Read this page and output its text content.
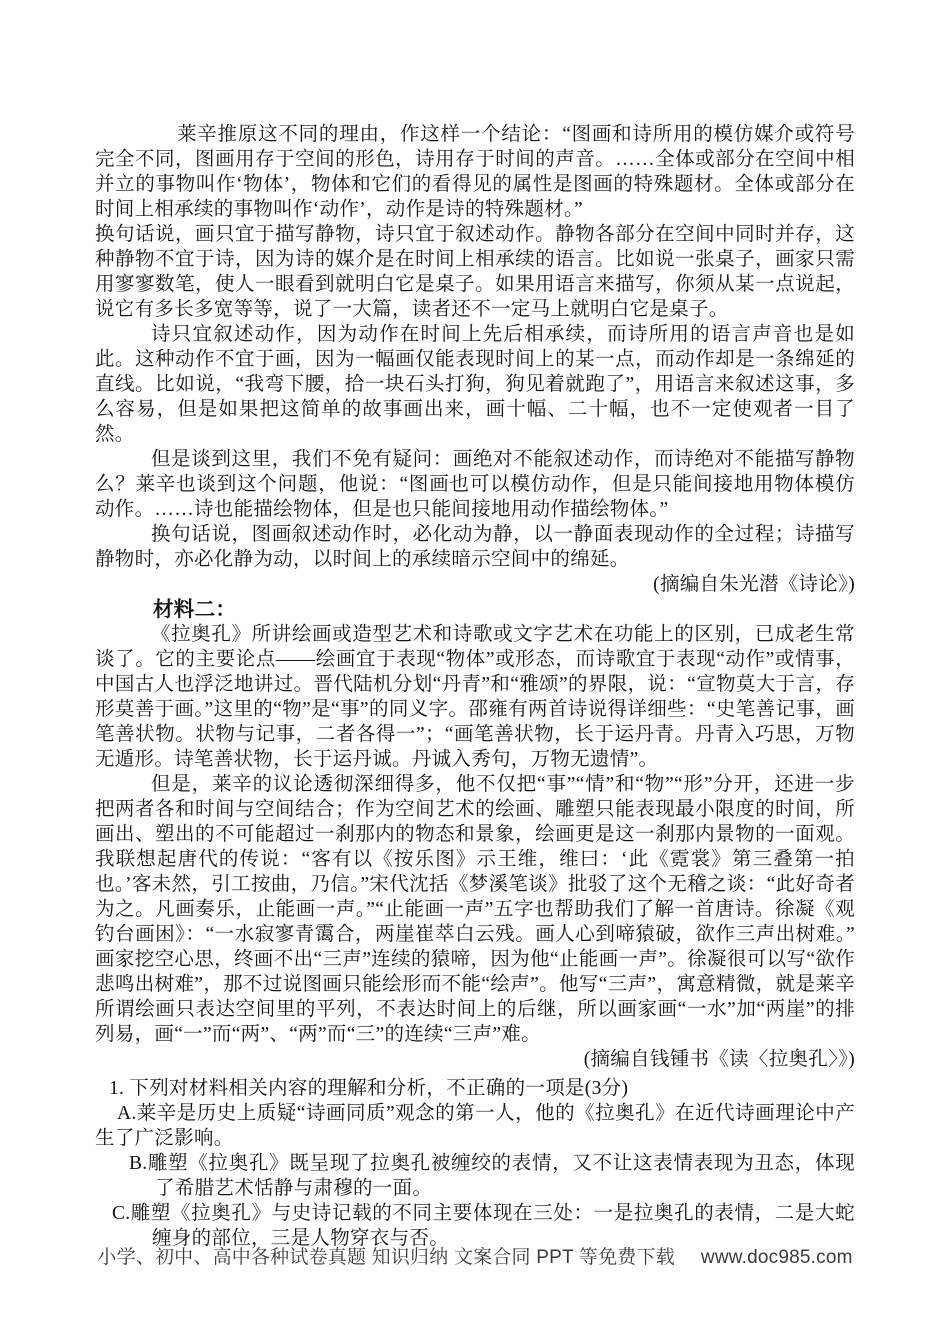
莱辛推原这不同的理由，作这样一个结论：“图画和诗所用的模仿媒介或符号完全不同，图画用存于空间的形色，诗用存于时间的声音。……全体或部分在空间中相并立的事物叫作‘物体’，物体和它们的看得见的属性是图画的特殊题材。全体或部分在时间上相承续的事物叫作‘动作’，动作是诗的特殊题材。”

换句话说，画只宜于描写静物，诗只宜于叙述动作。静物各部分在空间中同时并存，这种静物不宜于诗，因为诗的媒介是在时间上相承续的语言。比如说一张桌子，画家只需用寥寥数笔，使人一眼看到就明白它是桌子。如果用语言来描写，你须从某一点说起，说它有多长多宽等等，说了一大篇，读者还不一定马上就明白它是桌子。

诗只宜叙述动作，因为动作在时间上先后相承续，而诗所用的语言声音也是如此。这种动作不宜于画，因为一幅画仅能表现时间上的某一点，而动作却是一条绵延的直线。比如说，“我弯下腰，拾一块石头打狗，狗见着就跑了”，用语言来叙述这事，多么容易，但是如果把这简单的故事画出来，画十幅、二十幅，也不一定使观者一目了然。

但是谈到这里，我们不免有疑问：画绝对不能叙述动作，而诗绝对不能描写静物么？莱辛也谈到这个问题，他说：“图画也可以模仿动作，但是只能间接地用物体模仿动作。……诗也能描绘物体，但是也只能间接地用动作描绘物体。”

换句话说，图画叙述动作时，必化动为静，以一静面表现动作的全过程；诗描写静物时，亦必化静为动，以时间上的承续暗示空间中的绵延。

(摘编自朱光潜《诗论》)

材料二：

《拉奥孔》所讲绘画或造型艺术和诗歌或文字艺术在功能上的区别，已成老生常谈了。它的主要论点——绘画宜于表现“物体”或形态，而诗歌宜于表现“动作”或情事，中国古人也浮泛地讲过。晋代陆机分划“丹青”和“雅颂”的界限，说：“宣物莫大于言，存形莫善于画。”这里的“物”是“事”的同义字。邵雍有两首诗说得详细些：“史笔善记事，画笔善状物。状物与记事，二者各得一”；“画笔善状物，长于运丹青。丹青入巧思，万物无遁形。诗笔善状物，长于运丹诚。丹诚入秀句，万物无遗情”。

但是，莱辛的议论透彻深细得多，他不仅把“事”“情”和“物”“形”分开，还进一步把两者各和时间与空间结合；作为空间艺术的绘画、雕塑只能表现最小限度的时间，所画出、塑出的不可能超过一刹那内的物态和景象，绘画更是这一刹那内景物的一面观。我联想起唐代的传说：“客有以《按乐图》示王维，维曰：‘此《霓裳》第三叠第一拍也。’客未然，引工按曲，乃信。”宋代沈括《梦溪笔谈》批驳了这个无稽之谈：“此好奇者为之。凡画奏乐，止能画一声。”“止能画一声”五字也帮助我们了解一首唐诗。徐凝《观钓台画困》：“一水寂寥青霭合，两崖崔萃白云残。画人心到啼猿破，欲作三声出树难。”画家挖空心思，终画不出“三声”连续的猿啼，因为他“止能画一声”。徐凝很可以写“欲作悲鸣出树难”，那不过说图画只能绘形而不能“绘声”。他写“三声”，寓意精微，就是莱辛所谓绘画只表达空间里的平列，不表达时间上的后继，所以画家画“一水”加“两崖”的排列易，画“一”而“两”、“两”而“三”的连续“三声”难。

(摘编自钱锺书《读〈拉奥孔〉》)

1. 下列对材料相关内容的理解和分析，不正确的一项是(3分)

A.莱辛是历史上质疑“诗画同质”观念的第一人，他的《拉奥孔》在近代诗画理论中产生了广泛影响。

B.雕塑《拉奥孔》既呈现了拉奥孔被缠绞的表情，又不让这表情表现为丑态，体现了希腊艺术恬静与肃穆的一面。

C.雕塑《拉奥孔》与史诗记载的不同主要体现在三处：一是拉奥孔的表情，二是大蛇缠身的部位，三是人物穿衣与否。

小学、初中、高中各种试卷真题 知识归纳 文案合同 PPT 等免费下载 www.doc985.com
